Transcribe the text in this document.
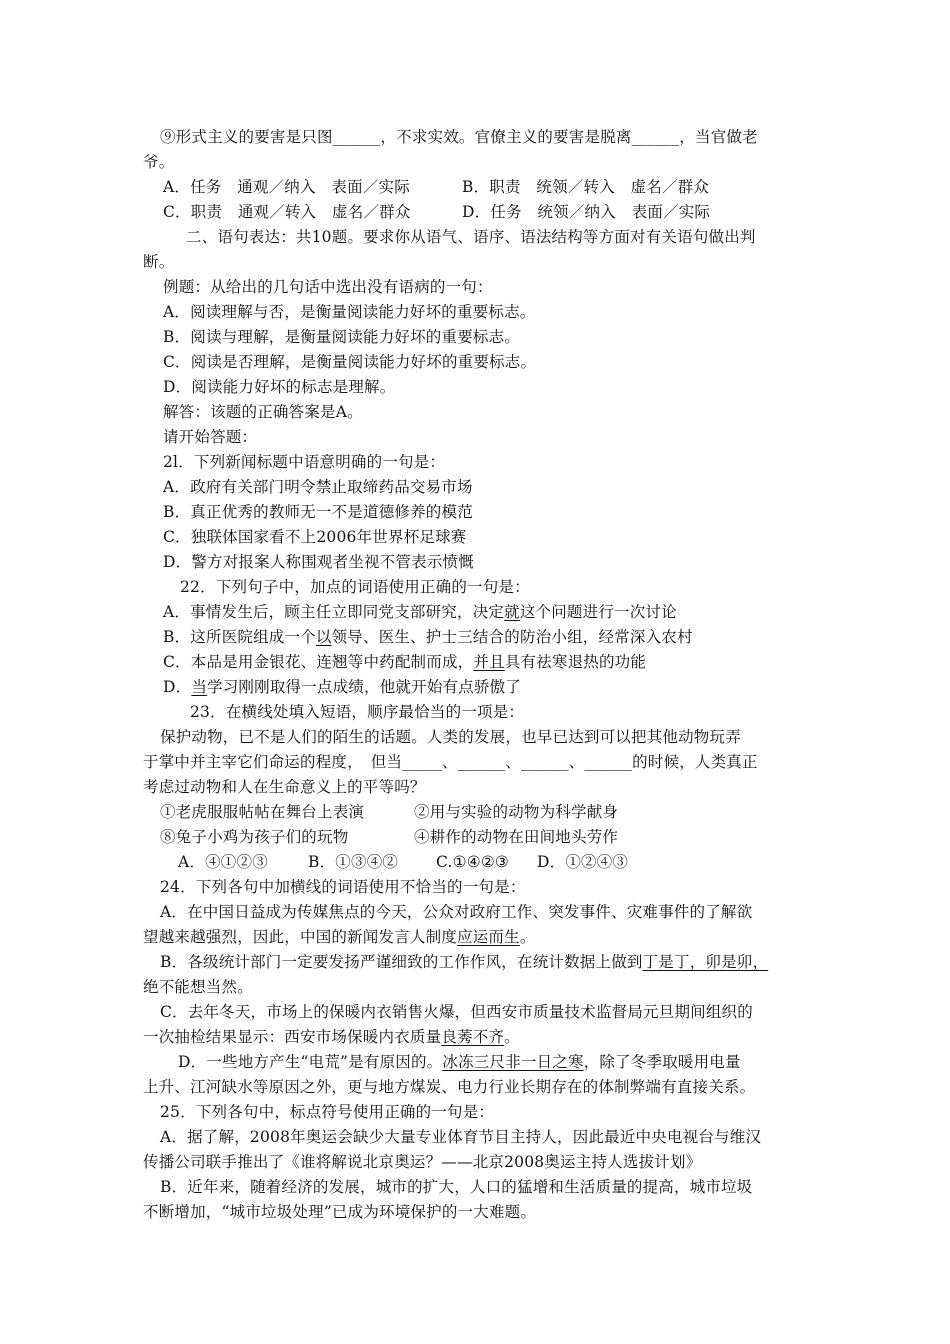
⑨形式主义的要害是只图______，不求实效。官僚主义的要害是脱离______，当官做老
爷。
A．任务　通观／纳入　表面／实际	B．职责　统领／转入　虚名／群众
C．职责　通观／转入　虚名／群众	D．任务　统领／纳入　表面／实际
二、语句表达：共10题。要求你从语气、语序、语法结构等方面对有关语句做出判
断。
例题：从给出的几句话中选出没有语病的一句：
A．阅读理解与否，是衡量阅读能力好坏的重要标志。
B．阅读与理解，是衡量阅读能力好坏的重要标志。
C．阅读是否理解，是衡量阅读能力好坏的重要标志。
D．阅读能力好坏的标志是理解。
解答：该题的正确答案是A。
请开始答题：
2l．下列新闻标题中语意明确的一句是：
A．政府有关部门明令禁止取缔药品交易市场
B．真正优秀的教师无一不是道德修养的模范
C．独联体国家看不上2006年世界杯足球赛
D．警方对报案人称围观者坐视不管表示愤慨
22．下列句子中，加点的词语使用正确的一句是：
A．事情发生后，顾主任立即同党支部研究，决定就这个问题进行一次讨论
B．这所医院组成一个以领导、医生、护士三结合的防治小组，经常深入农村
C．本品是用金银花、连翘等中药配制而成，并且具有祛寒退热的功能
D．当学习刚刚取得一点成绩，他就开始有点骄傲了
23．在横线处填入短语，顺序最恰当的一项是：
保护动物，已不是人们的陌生的话题。人类的发展，也早已达到可以把其他动物玩弄
于掌中并主宰它们命运的程度，　但当_____、______、______、______的时候，人类真正
考虑过动物和人在生命意义上的平等吗？
①老虎服服帖帖在舞台上表演	②用与实验的动物为科学献身
⑧兔子小鸡为孩子们的玩物	④耕作的动物在田间地头劳作
A．④①②③	B．①③④② C.①④②③ D．①②④③
24．下列各句中加横线的词语使用不恰当的一句是：
A．在中国日益成为传媒焦点的今天，公众对政府工作、突发事件、灾难事件的了解欲
望越来越强烈，因此，中国的新闻发言人制度应运而生。
B．各级统计部门一定要发扬严谨细致的工作作风，在统计数据上做到丁是丁，卯是卯，
绝不能想当然。
C．去年冬天，市场上的保暖内衣销售火爆，但西安市质量技术监督局元旦期间组织的
一次抽检结果显示：西安市场保暖内衣质量良莠不齐。
D．一些地方产生“电荒”是有原因的。冰冻三尺非一日之寒，除了冬季取暖用电量
上升、江河缺水等原因之外，更与地方煤炭、电力行业长期存在的体制弊端有直接关系。
25．下列各句中，标点符号使用正确的一句是：
A．据了解，2008年奥运会缺少大量专业体育节目主持人，因此最近中央电视台与维汉
传播公司联手推出了《谁将解说北京奥运？——北京2008奥运主持人选拔计划》
B．近年来，随着经济的发展，城市的扩大，人口的猛增和生活质量的提高，城市垃圾
不断增加，“城市垃圾处理”已成为环境保护的一大难题。
